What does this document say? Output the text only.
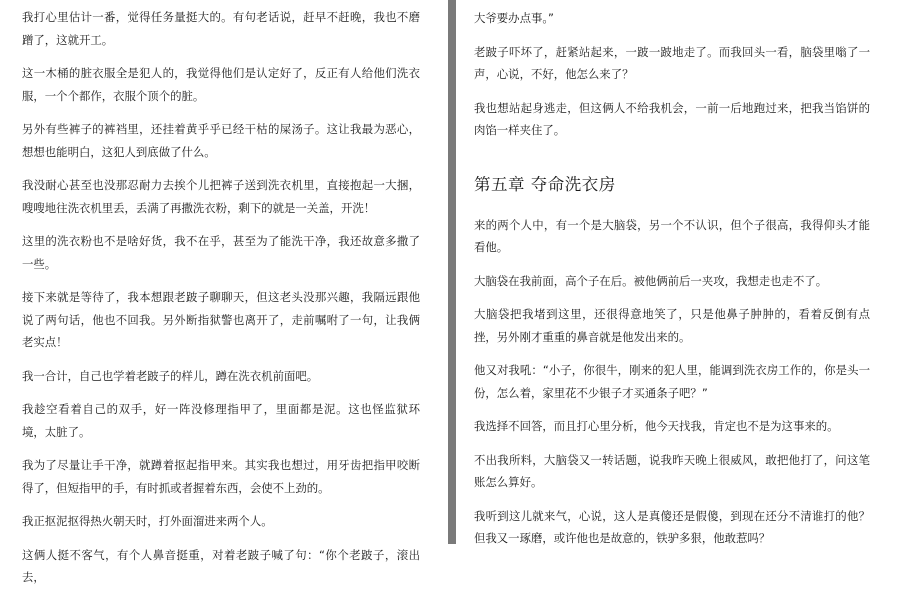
我打心里估计一番，觉得任务量挺大的。有句老话说，赶早不赶晚，我也不磨蹭了，这就开工。

这一木桶的脏衣服全是犯人的，我觉得他们是认定好了，反正有人给他们洗衣服，一个个都作，衣服个顶个的脏。

另外有些裤子的裤裆里，还挂着黄乎乎已经干枯的屎汤子。这让我最为恶心，想想也能明白，这犯人到底做了什么。

我没耐心甚至也没那忍耐力去挨个儿把裤子送到洗衣机里，直接抱起一大捆，嗖嗖地往洗衣机里丢，丢满了再撒洗衣粉，剩下的就是一关盖，开洗！

这里的洗衣粉也不是啥好货，我不在乎，甚至为了能洗干净，我还故意多撒了一些。

接下来就是等待了，我本想跟老跛子聊聊天，但这老头没那兴趣，我隔远跟他说了两句话，他也不回我。另外断指狱警也离开了，走前嘱咐了一句，让我俩老实点！

我一合计，自己也学着老跛子的样儿，蹲在洗衣机前面吧。

我趁空看着自己的双手，好一阵没修理指甲了，里面都是泥。这也怪监狱环境，太脏了。

我为了尽量让手干净，就蹲着抠起指甲来。其实我也想过，用牙齿把指甲咬断得了，但短指甲的手，有时抓或者握着东西，会使不上劲的。

我正抠泥抠得热火朝天时，打外面溜进来两个人。

这俩人挺不客气，有个人鼻音挺重，对着老跛子喊了句：“你个老跛子，滚出去，

大爷要办点事。”

老跛子吓坏了，赶紧站起来，一跛一跛地走了。而我回头一看，脑袋里嗡了一声，心说，不好，他怎么来了？

我也想站起身逃走，但这俩人不给我机会，一前一后地跑过来，把我当馅饼的肉馅一样夹住了。

第五章 夺命洗衣房

来的两个人中，有一个是大脑袋，另一个不认识，但个子很高，我得仰头才能看他。

大脑袋在我前面，高个子在后。被他俩前后一夹攻，我想走也走不了。

大脑袋把我堵到这里，还很得意地笑了，只是他鼻子肿肿的，看着反倒有点挫，另外刚才重重的鼻音就是他发出来的。

他又对我吼：“小子，你很牛，刚来的犯人里，能调到洗衣房工作的，你是头一份，怎么着，家里花不少银子才买通条子吧？”

我选择不回答，而且打心里分析，他今天找我，肯定也不是为这事来的。

不出我所料，大脑袋又一转话题，说我昨天晚上很威风，敢把他打了，问这笔账怎么算好。

我听到这儿就来气，心说，这人是真傻还是假傻，到现在还分不清谁打的他？但我又一琢磨，或许他也是故意的，铁驴多狠，他敢惹吗？
